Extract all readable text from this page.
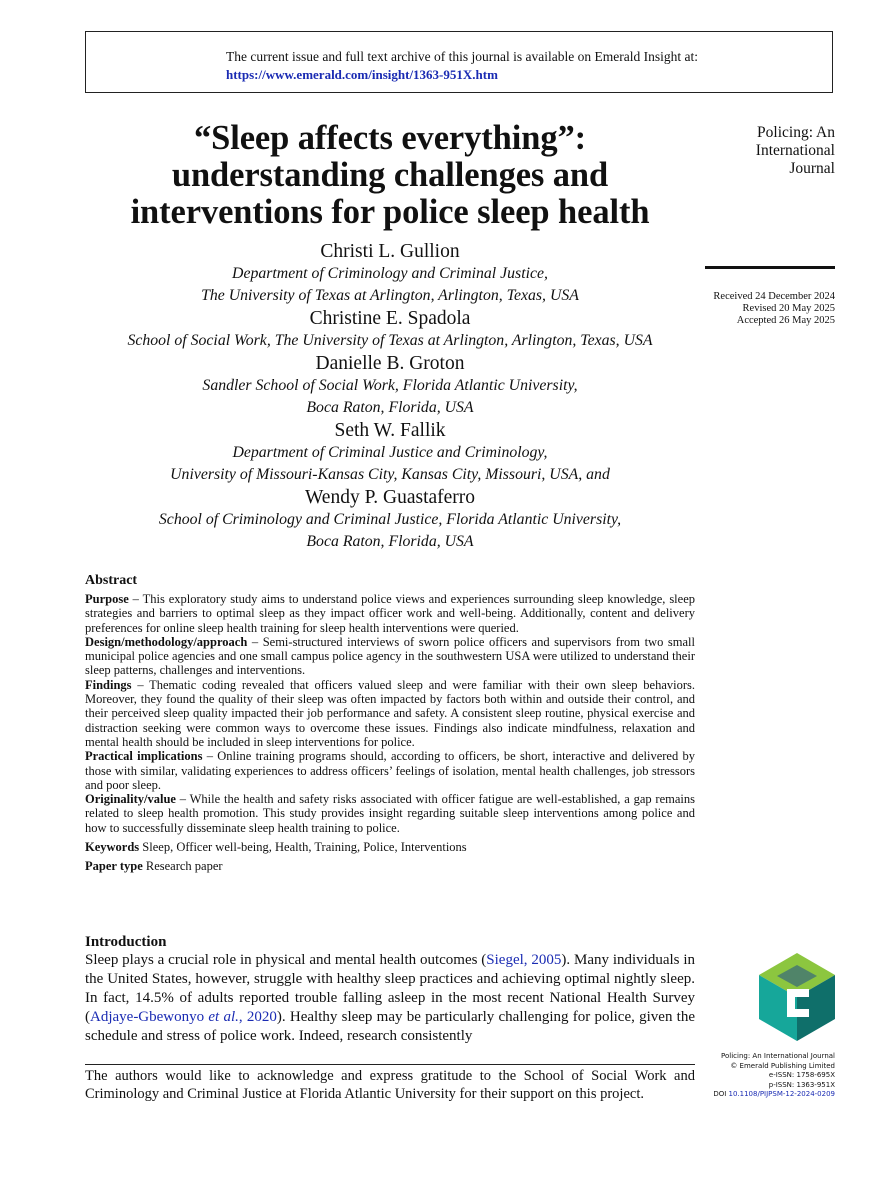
The current issue and full text archive of this journal is available on Emerald Insight at:
https://www.emerald.com/insight/1363-951X.htm
“Sleep affects everything”:
understanding challenges and
interventions for police sleep health
Policing: An
International
Journal
Received 24 December 2024
Revised 20 May 2025
Accepted 26 May 2025
Christi L. Gullion
Department of Criminology and Criminal Justice,
The University of Texas at Arlington, Arlington, Texas, USA
Christine E. Spadola
School of Social Work, The University of Texas at Arlington, Arlington, Texas, USA
Danielle B. Groton
Sandler School of Social Work, Florida Atlantic University,
Boca Raton, Florida, USA
Seth W. Fallik
Department of Criminal Justice and Criminology,
University of Missouri-Kansas City, Kansas City, Missouri, USA, and
Wendy P. Guastaferro
School of Criminology and Criminal Justice, Florida Atlantic University,
Boca Raton, Florida, USA
Abstract

Purpose – This exploratory study aims to understand police views and experiences surrounding sleep knowledge, sleep strategies and barriers to optimal sleep as they impact officer work and well-being. Additionally, content and delivery preferences for online sleep health training for sleep health interventions were queried.

Design/methodology/approach – Semi-structured interviews of sworn police officers and supervisors from two small municipal police agencies and one small campus police agency in the southwestern USA were utilized to understand their sleep patterns, challenges and interventions.

Findings – Thematic coding revealed that officers valued sleep and were familiar with their own sleep behaviors. Moreover, they found the quality of their sleep was often impacted by factors both within and outside their control, and their perceived sleep quality impacted their job performance and safety. A consistent sleep routine, physical exercise and distraction seeking were common ways to overcome these issues. Findings also indicate mindfulness, relaxation and mental health should be included in sleep interventions for police.

Practical implications – Online training programs should, according to officers, be short, interactive and delivered by those with similar, validating experiences to address officers’ feelings of isolation, mental health challenges, job stressors and poor sleep.

Originality/value – While the health and safety risks associated with officer fatigue are well-established, a gap remains related to sleep health promotion. This study provides insight regarding suitable sleep interventions among police and how to successfully disseminate sleep health training to police.

Keywords Sleep, Officer well-being, Health, Training, Police, Interventions

Paper type Research paper

Introduction

Sleep plays a crucial role in physical and mental health outcomes (Siegel, 2005). Many individuals in the United States, however, struggle with healthy sleep practices and achieving optimal nightly sleep. In fact, 14.5% of adults reported trouble falling asleep in the most recent National Health Survey (Adjaye-Gbewonyo et al., 2020). Healthy sleep may be particularly challenging for police, given the schedule and stress of police work. Indeed, research consistently

The authors would like to acknowledge and express gratitude to the School of Social Work and Criminology and Criminal Justice at Florida Atlantic University for their support on this project.
Policing: An International Journal
© Emerald Publishing Limited
e-ISSN: 1758-695X
p-ISSN: 1363-951X
DOI 10.1108/PIJPSM-12-2024-0209
